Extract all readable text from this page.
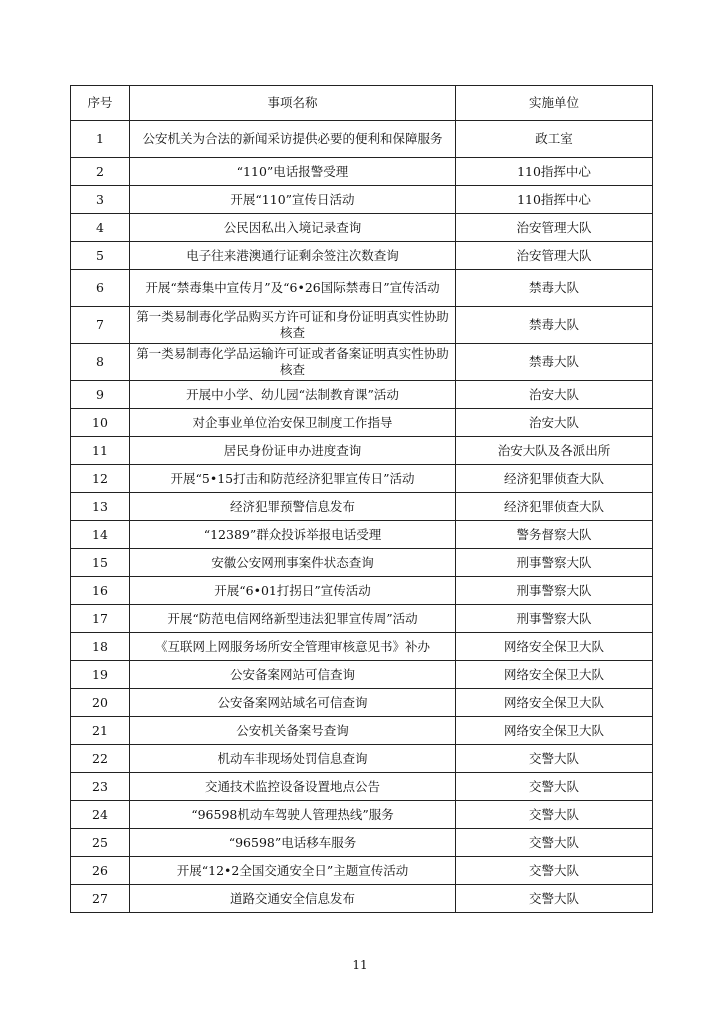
序号	事项名称	实施单位
1	公安机关为合法的新闻采访提供必要的便利和保障服务	政工室
2	“110”电话报警受理	110指挥中心
3	开展“110”宣传日活动	110指挥中心
4	公民因私出入境记录查询	治安管理大队
5	电子往来港澳通行证剩余签注次数查询	治安管理大队
6	开展“禁毒集中宣传月”及“6•26国际禁毒日”宣传活动	禁毒大队
7	第一类易制毒化学品购买方许可证和身份证明真实性协助核查	禁毒大队
8	第一类易制毒化学品运输许可证或者备案证明真实性协助核查	禁毒大队
9	开展中小学、幼儿园“法制教育课”活动	治安大队
10	对企事业单位治安保卫制度工作指导	治安大队
11	居民身份证申办进度查询	治安大队及各派出所
12	开展“5•15打击和防范经济犯罪宣传日”活动	经济犯罪侦查大队
13	经济犯罪预警信息发布	经济犯罪侦查大队
14	“12389”群众投诉举报电话受理	警务督察大队
15	安徽公安网刑事案件状态查询	刑事警察大队
16	开展“6•01打拐日”宣传活动	刑事警察大队
17	开展“防范电信网络新型违法犯罪宣传周”活动	刑事警察大队
18	《互联网上网服务场所安全管理审核意见书》补办	网络安全保卫大队
19	公安备案网站可信查询	网络安全保卫大队
20	公安备案网站域名可信查询	网络安全保卫大队
21	公安机关备案号查询	网络安全保卫大队
22	机动车非现场处罚信息查询	交警大队
23	交通技术监控设备设置地点公告	交警大队
24	“96598机动车驾驶人管理热线”服务	交警大队
25	“96598”电话移车服务	交警大队
26	开展“12•2全国交通安全日”主题宣传活动	交警大队
27	道路交通安全信息发布	交警大队
11
